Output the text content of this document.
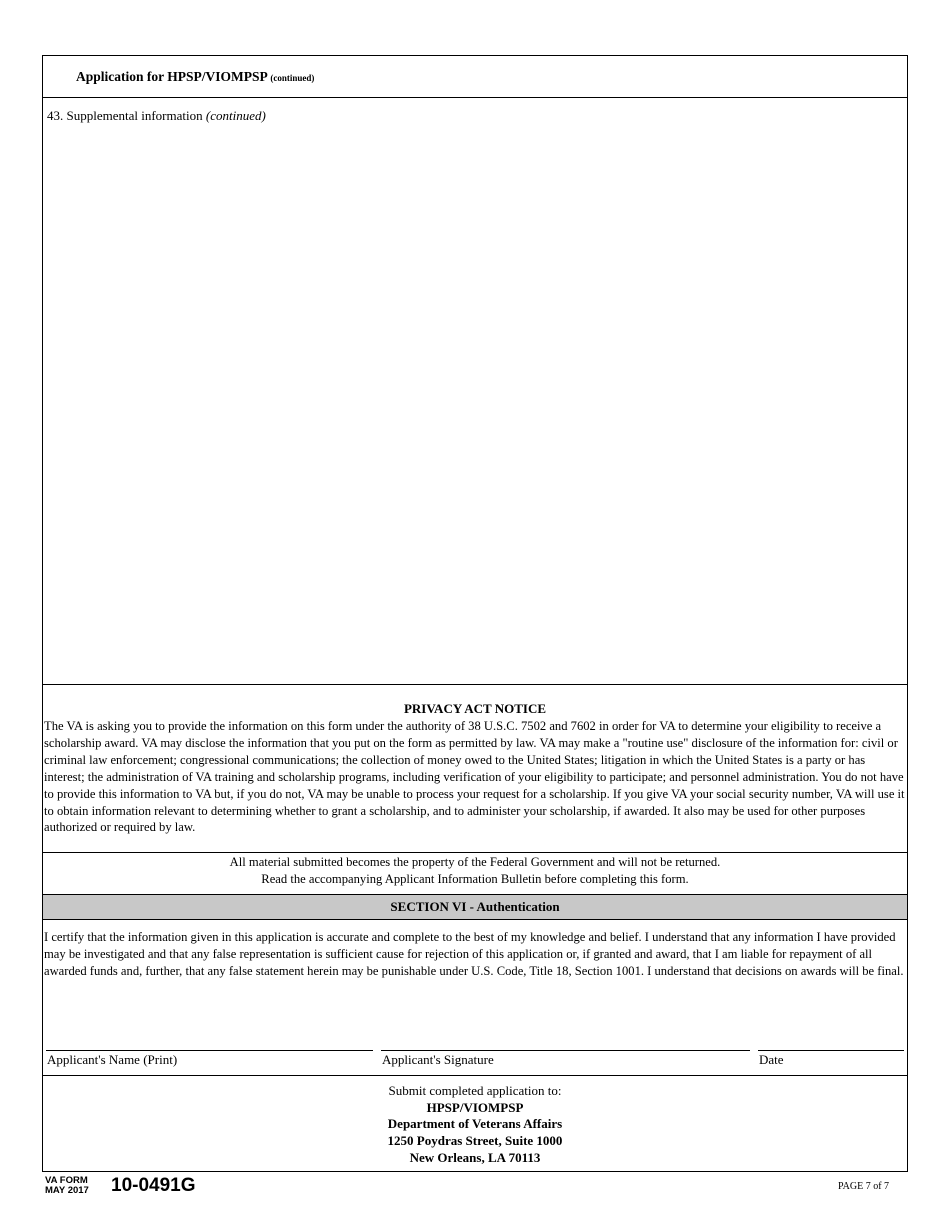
Application for HPSP/VIOMPSP (continued)
43. Supplemental information (continued)
PRIVACY ACT NOTICE
The VA is asking you to provide the information on this form under the authority of 38 U.S.C. 7502 and 7602 in order for VA to determine your eligibility to receive a scholarship award. VA may disclose the information that you put on the form as permitted by law. VA may make a "routine use" disclosure of the information for: civil or criminal law enforcement; congressional communications; the collection of money owed to the United States; litigation in which the United States is a party or has interest; the administration of VA training and scholarship programs, including verification of your eligibility to participate; and personnel administration. You do not have to provide this information to VA but, if you do not, VA may be unable to process your request for a scholarship. If you give VA your social security number, VA will use it to obtain information relevant to determining whether to grant a scholarship, and to administer your scholarship, if awarded. It also may be used for other purposes authorized or required by law.
All material submitted becomes the property of the Federal Government and will not be returned.
Read the accompanying Applicant Information Bulletin before completing this form.
SECTION VI - Authentication
I certify that the information given in this application is accurate and complete to the best of my knowledge and belief. I understand that any information I have provided may be investigated and that any false representation is sufficient cause for rejection of this application or, if granted and award, that I am liable for repayment of all awarded funds and, further, that any false statement herein may be punishable under U.S. Code, Title 18, Section 1001. I understand that decisions on awards will be final.
Applicant's Name (Print)	Applicant's Signature	Date
Submit completed application to:
HPSP/VIOMPSP
Department of Veterans Affairs
1250 Poydras Street, Suite 1000
New Orleans, LA 70113
VA FORM
MAY 2017 10-0491G	PAGE 7 of 7
